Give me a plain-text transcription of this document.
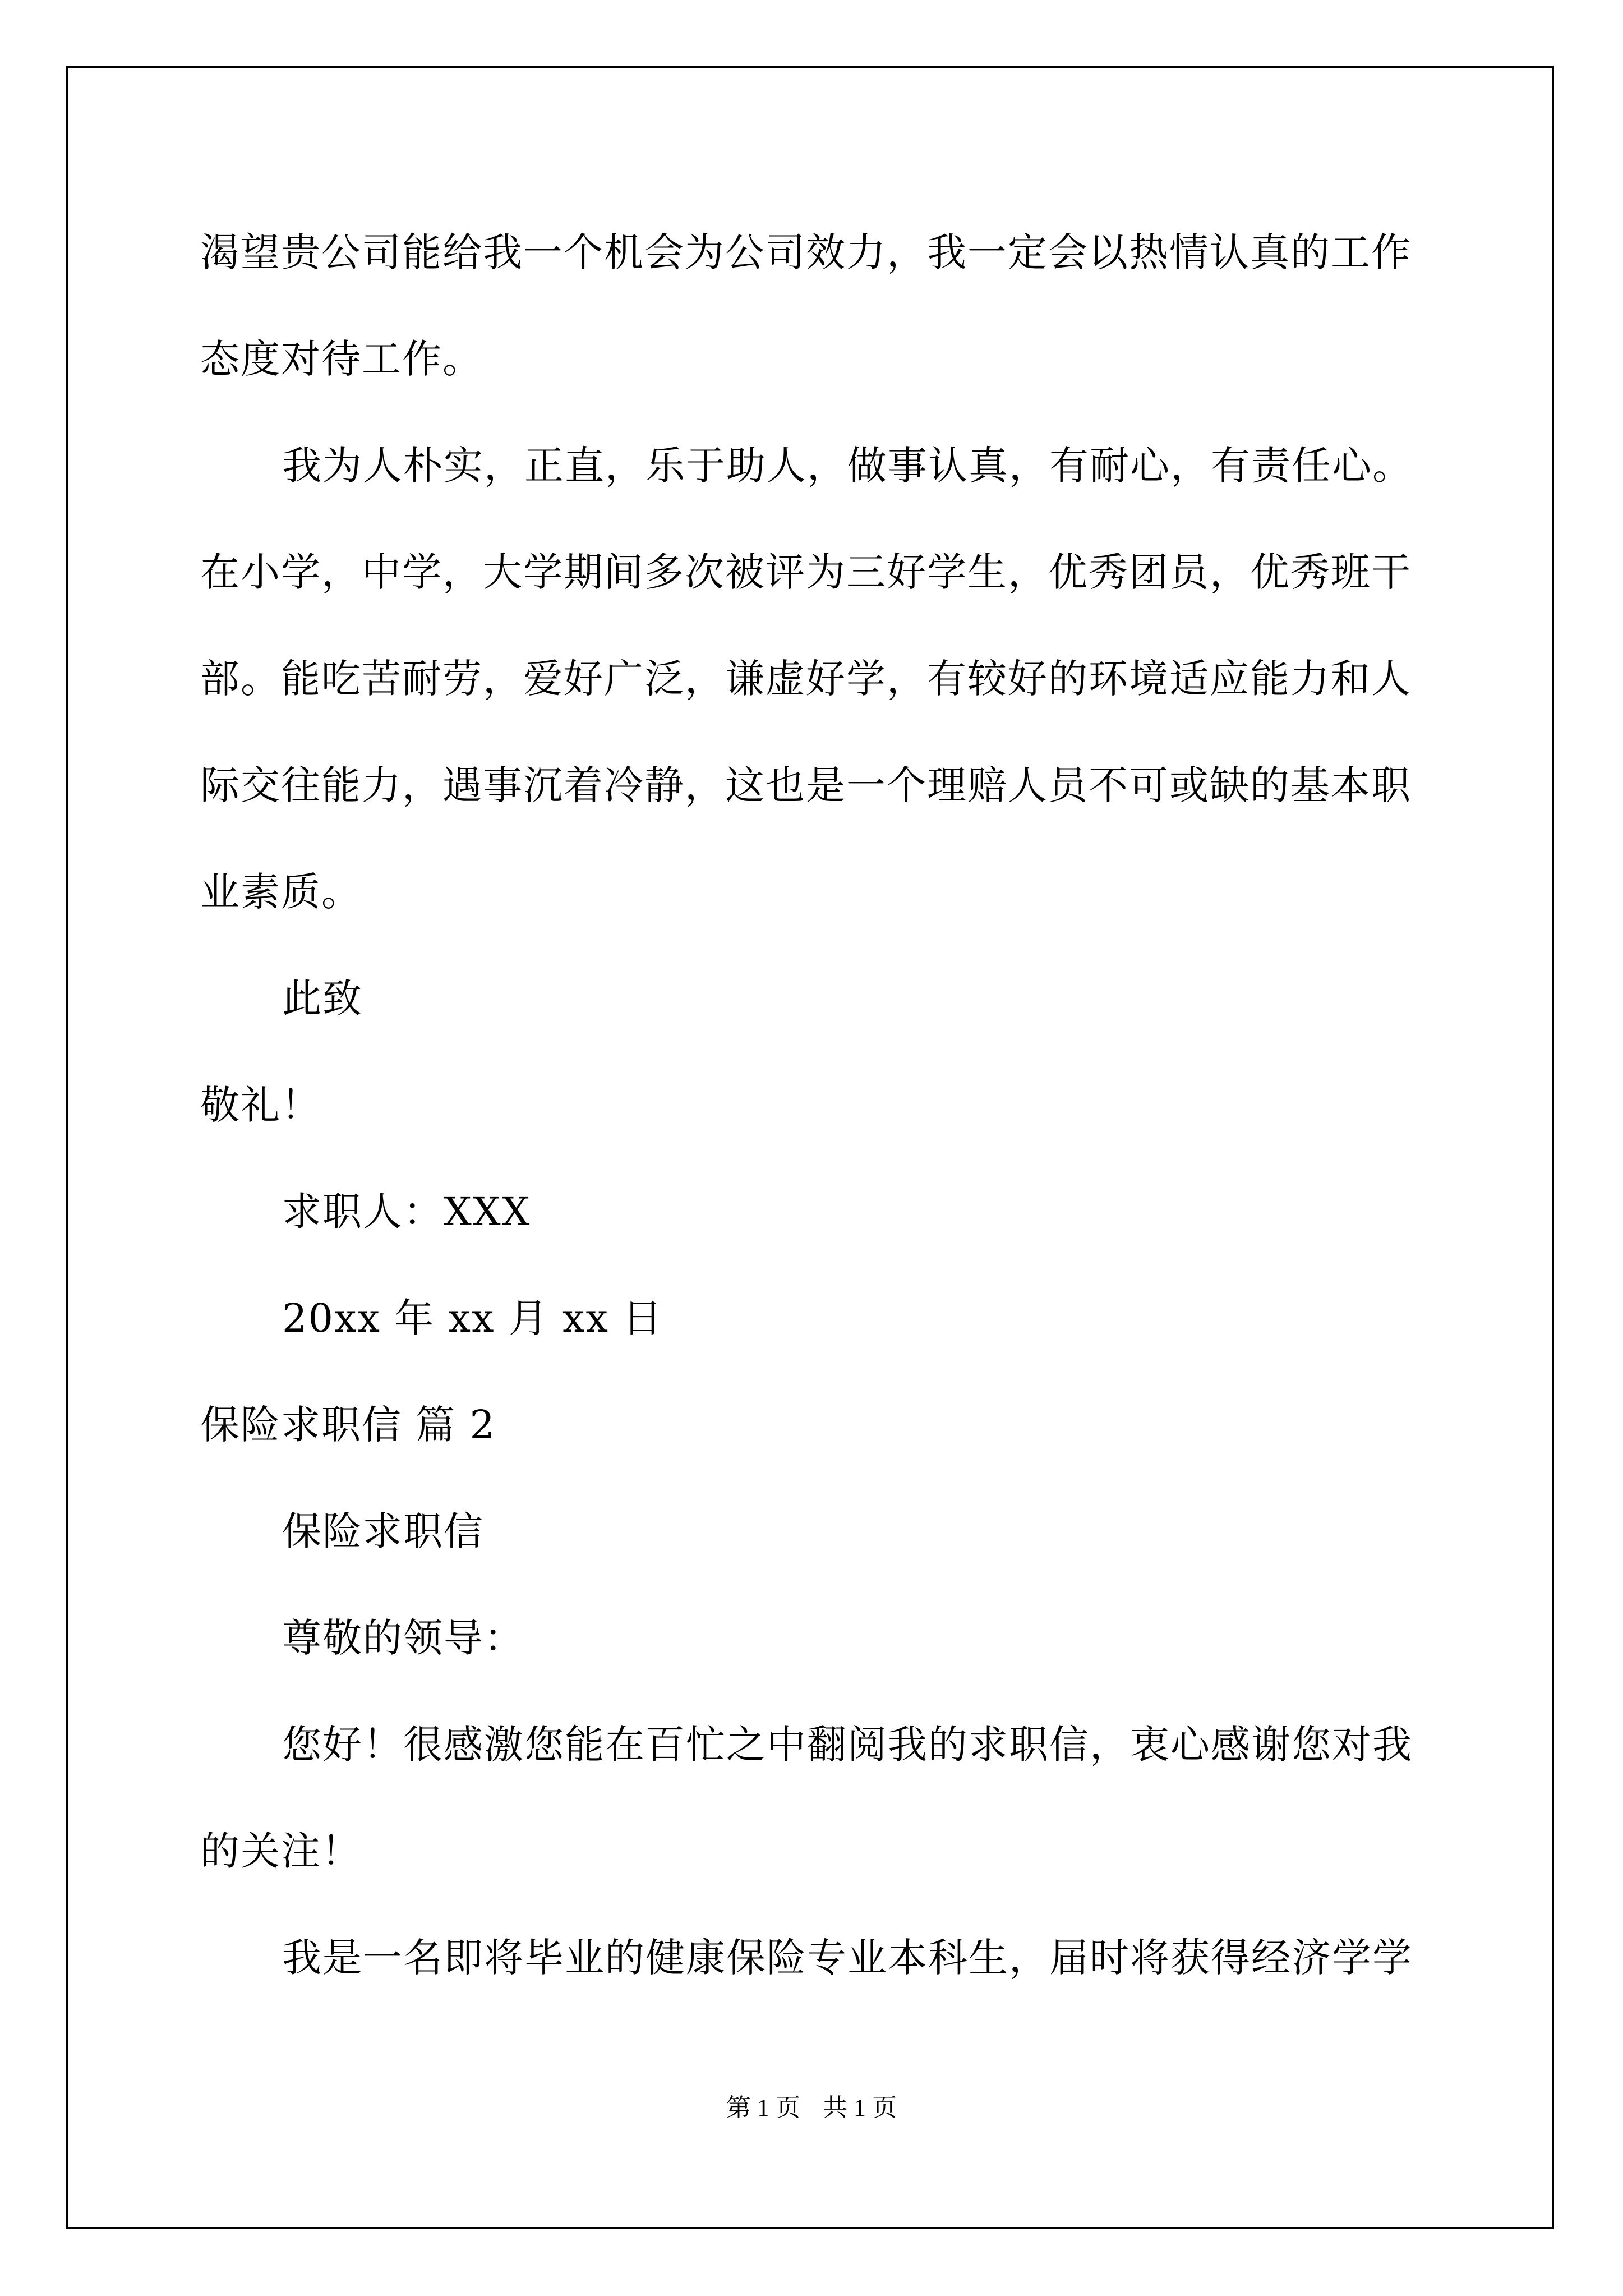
渴望贵公司能给我一个机会为公司效力，我一定会以热情认真的工作
态度对待工作。
我为人朴实，正直，乐于助人，做事认真，有耐心，有责任心。
在小学，中学，大学期间多次被评为三好学生，优秀团员，优秀班干
部。能吃苦耐劳，爱好广泛，谦虚好学，有较好的环境适应能力和人
际交往能力，遇事沉着冷静，这也是一个理赔人员不可或缺的基本职
业素质。
此致
敬礼！
求职人：XXX
20xx 年 xx 月 xx 日
保险求职信 篇 2
保险求职信
尊敬的领导：
您好！很感激您能在百忙之中翻阅我的求职信，衷心感谢您对我
的关注！
我是一名即将毕业的健康保险专业本科生，届时将获得经济学学
第 1 页 共 1 页
